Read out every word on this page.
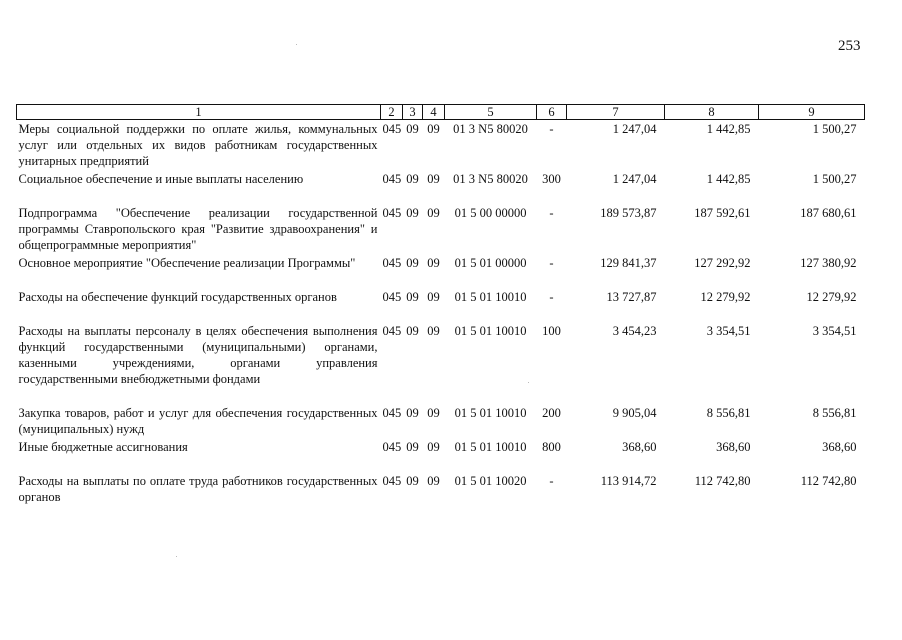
253
1	2	3	4	5	6	7	8	9
Меры социальной поддержки по оплате жилья, коммунальных услуг или отдельных их видов работникам государственных унитарных предприятий	045	09	09	01 3 N5 80020	-	1 247,04	1 442,85	1 500,27
Социальное обеспечение и иные выплаты населению	045	09	09	01 3 N5 80020	300	1 247,04	1 442,85	1 500,27

Подпрограмма "Обеспечение реализации государственной программы Ставропольского края "Развитие здравоохранения" и общепрограммные мероприятия"	045	09	09	01 5 00 00000	-	189 573,87	187 592,61	187 680,61
Основное мероприятие "Обеспечение реализации Программы"	045	09	09	01 5 01 00000	-	129 841,37	127 292,92	127 380,92

Расходы на обеспечение функций государственных органов	045	09	09	01 5 01 10010	-	13 727,87	12 279,92	12 279,92

Расходы на выплаты персоналу в целях обеспечения выполнения функций государственными (муниципальными) органами, казенными учреждениями, органами управления государственными внебюджетными фондами	045	09	09	01 5 01 10010	100	3 454,23	3 354,51	3 354,51

Закупка товаров, работ и услуг для обеспечения государственных (муниципальных) нужд	045	09	09	01 5 01 10010	200	9 905,04	8 556,81	8 556,81
Иные бюджетные ассигнования	045	09	09	01 5 01 10010	800	368,60	368,60	368,60

Расходы на выплаты по оплате труда работников государственных органов	045	09	09	01 5 01 10020	-	113 914,72	112 742,80	112 742,80
